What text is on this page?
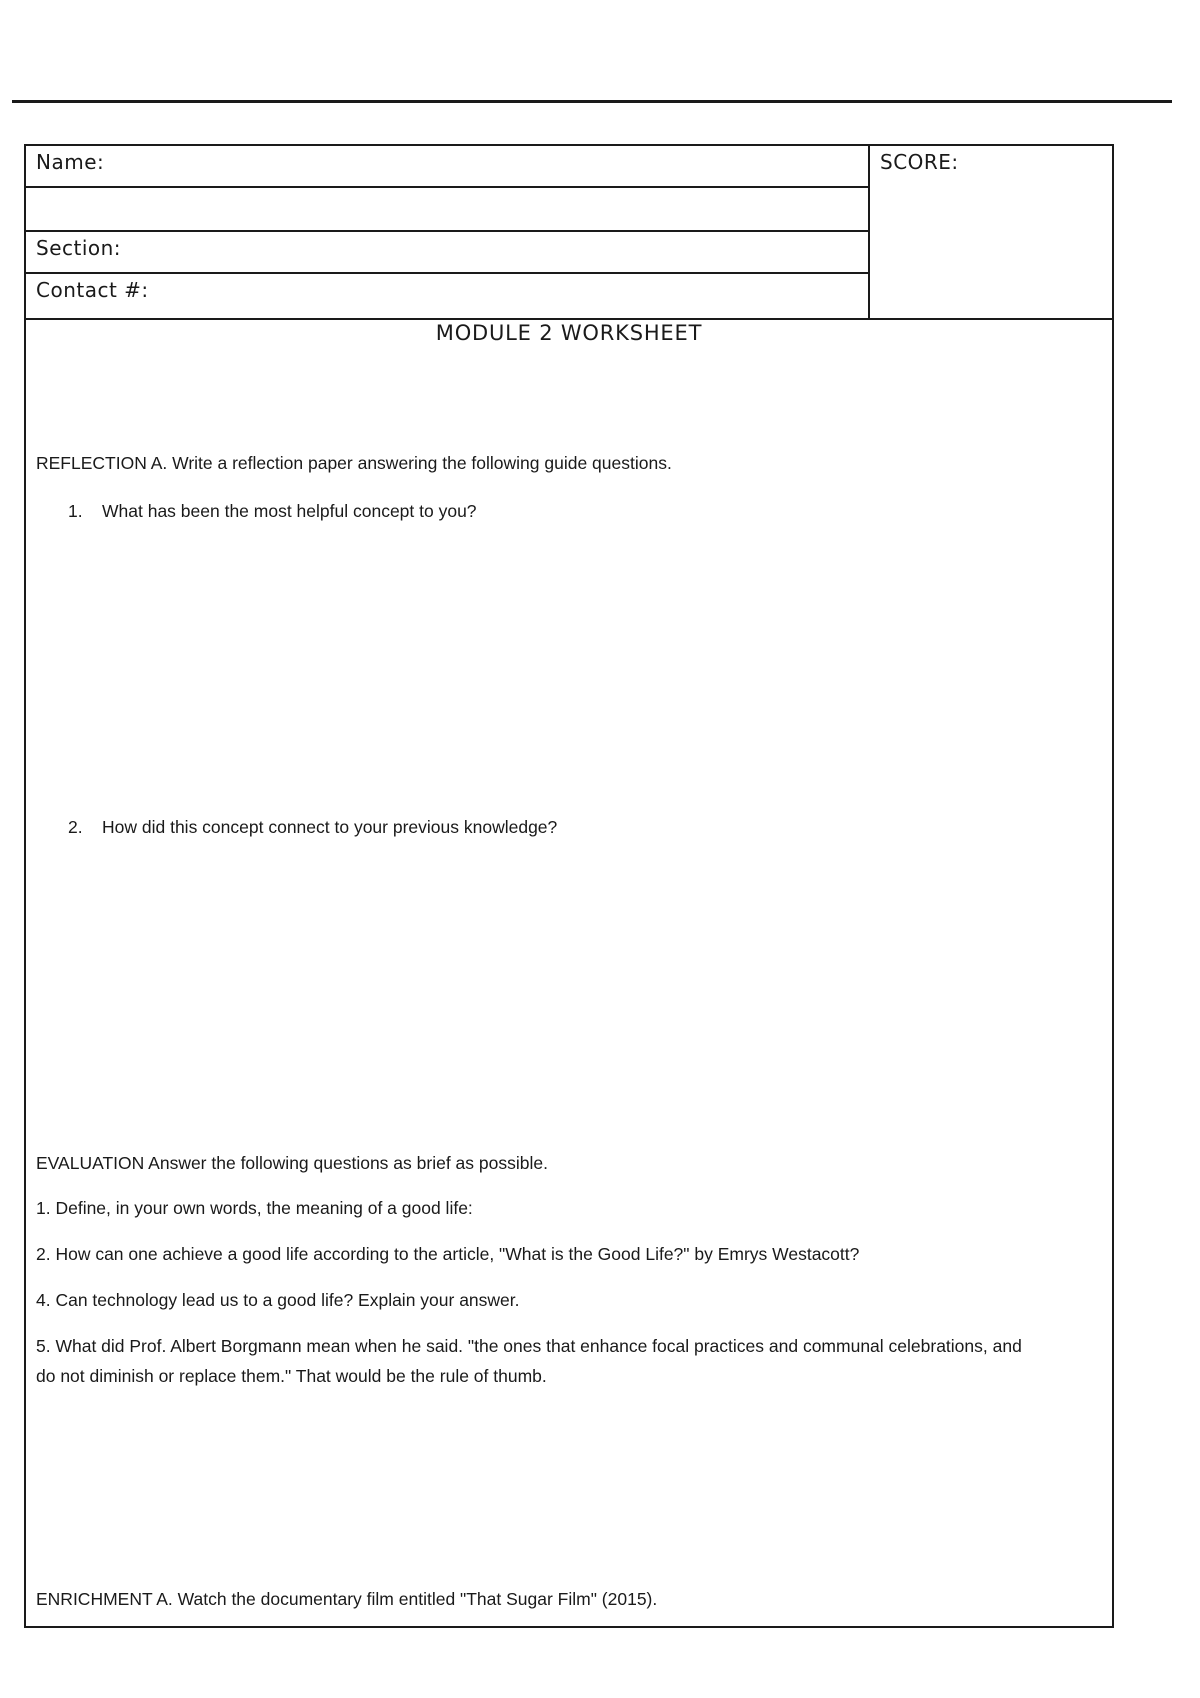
Name:
Section:
Contact #:
SCORE:
MODULE 2 WORKSHEET
REFLECTION A. Write a reflection paper answering the following guide questions.
1. What has been the most helpful concept to you?
2. How did this concept connect to your previous knowledge?
EVALUATION Answer the following questions as brief as possible.
1. Define, in your own words, the meaning of a good life:
2. How can one achieve a good life according to the article, "What is the Good Life?" by Emrys Westacott?
4. Can technology lead us to a good life? Explain your answer.
5. What did Prof. Albert Borgmann mean when he said. "the ones that enhance focal practices and communal celebrations, and do not diminish or replace them." That would be the rule of thumb.
ENRICHMENT A. Watch the documentary film entitled "That Sugar Film" (2015).
